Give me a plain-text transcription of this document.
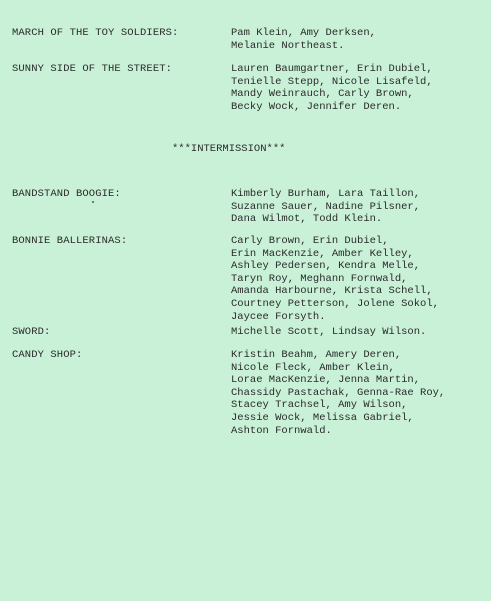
MARCH OF THE TOY SOLDIERS:	Pam Klein, Amy Derksen,
Melanie Northeast.
SUNNY SIDE OF THE STREET:	Lauren Baumgartner, Erin Dubiel,
Tenielle Stepp, Nicole Lisafeld,
Mandy Weinrauch, Carly Brown,
Becky Wock, Jennifer Deren.
***INTERMISSION***
BANDSTAND BOOGIE:	Kimberly Burham, Lara Taillon,
Suzanne Sauer, Nadine Pilsner,
Dana Wilmot, Todd Klein.
BONNIE BALLERINAS:	Carly Brown, Erin Dubiel,
Erin MacKenzie, Amber Kelley,
Ashley Pedersen, Kendra Melle,
Taryn Roy, Meghann Fornwald,
Amanda Harbourne, Krista Schell,
Courtney Petterson, Jolene Sokol,
Jaycee Forsyth.
SWORD:	Michelle Scott, Lindsay Wilson.
CANDY SHOP:	Kristin Beahm, Amery Deren,
Nicole Fleck, Amber Klein,
Lorae MacKenzie, Jenna Martin,
Chassidy Pastachak, Genna-Rae Roy,
Stacey Trachsel, Amy Wilson,
Jessie Wock, Melissa Gabriel,
Ashton Fornwald.
